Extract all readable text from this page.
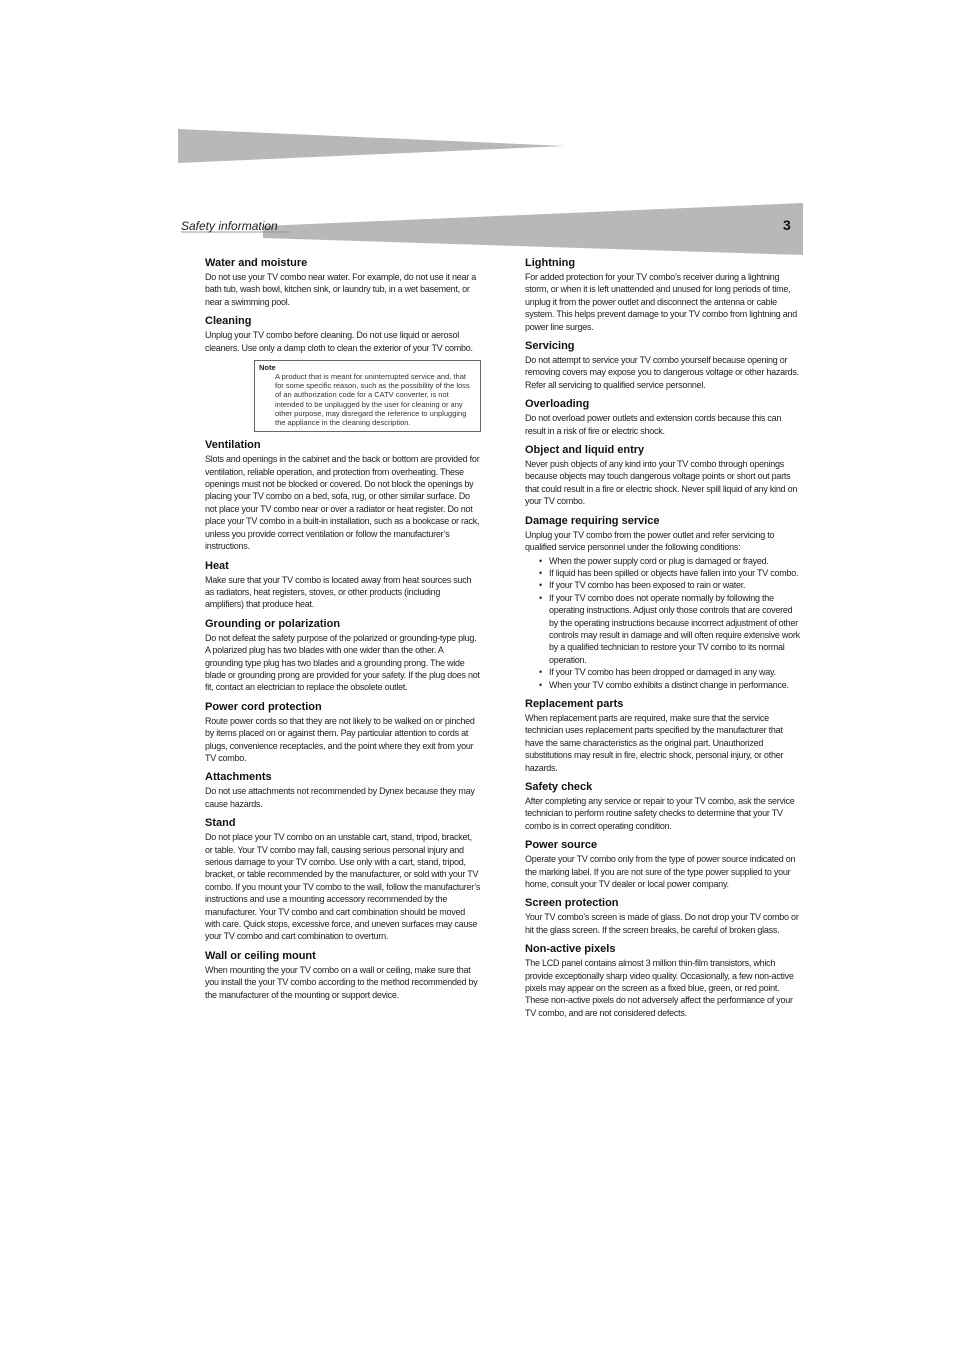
Safety information	3
Water and moisture

Do not use your TV combo near water. For example, do not use it near a bath tub, wash bowl, kitchen sink, or laundry tub, in a wet basement, or near a swimming pool.

Cleaning

Unplug your TV combo before cleaning. Do not use liquid or aerosol cleaners. Use only a damp cloth to clean the exterior of your TV combo.

Note
A product that is meant for uninterrupted service and, that for some specific reason, such as the possibility of the loss of an authorization code for a CATV converter, is not intended to be unplugged by the user for cleaning or any other purpose, may disregard the reference to unplugging the appliance in the cleaning description.
Ventilation

Slots and openings in the cabinet and the back or bottom are provided for ventilation, reliable operation, and protection from overheating. These openings must not be blocked or covered. Do not block the openings by placing your TV combo on a bed, sofa, rug, or other similar surface. Do not place your TV combo near or over a radiator or heat register. Do not place your TV combo in a built-in installation, such as a bookcase or rack, unless you provide correct ventilation or follow the manufacturer’s instructions.

Heat

Make sure that your TV combo is located away from heat sources such as radiators, heat registers, stoves, or other products (including amplifiers) that produce heat.

Grounding or polarization

Do not defeat the safety purpose of the polarized or grounding-type plug. A polarized plug has two blades with one wider than the other. A grounding type plug has two blades and a grounding prong. The wide blade or grounding prong are provided for your safety. If the plug does not fit, contact an electrician to replace the obsolete outlet.

Power cord protection

Route power cords so that they are not likely to be walked on or pinched by items placed on or against them. Pay particular attention to cords at plugs, convenience receptacles, and the point where they exit from your TV combo.

Attachments

Do not use attachments not recommended by Dynex because they may cause hazards.

Stand

Do not place your TV combo on an unstable cart, stand, tripod, bracket, or table. Your TV combo may fall, causing serious personal injury and serious damage to your TV combo. Use only with a cart, stand, tripod, bracket, or table recommended by the manufacturer, or sold with your TV combo. If you mount your TV combo to the wall, follow the manufacturer’s instructions and use a mounting accessory recommended by the manufacturer. Your TV combo and cart combination should be moved with care. Quick stops, excessive force, and uneven surfaces may cause your TV combo and cart combination to overturn.

Wall or ceiling mount

When mounting the your TV combo on a wall or ceiling, make sure that you install the your TV combo according to the method recommended by the manufacturer of the mounting or support device.

Lightning

For added protection for your TV combo’s receiver during a lightning storm, or when it is left unattended and unused for long periods of time, unplug it from the power outlet and disconnect the antenna or cable system. This helps prevent damage to your TV combo from lightning and power line surges.

Servicing

Do not attempt to service your TV combo yourself because opening or removing covers may expose you to dangerous voltage or other hazards. Refer all servicing to qualified service personnel.

Overloading

Do not overload power outlets and extension cords because this can result in a risk of fire or electric shock.

Object and liquid entry

Never push objects of any kind into your TV combo through openings because objects may touch dangerous voltage points or short out parts that could result in a fire or electric shock. Never spill liquid of any kind on your TV combo.

Damage requiring service

Unplug your TV combo from the power outlet and refer servicing to qualified service personnel under the following conditions:

• When the power supply cord or plug is damaged or frayed.
• If liquid has been spilled or objects have fallen into your TV combo.
• If your TV combo has been exposed to rain or water.
• If your TV combo does not operate normally by following the operating instructions. Adjust only those controls that are covered by the operating instructions because incorrect adjustment of other controls may result in damage and will often require extensive work by a qualified technician to restore your TV combo to its normal operation.
• If your TV combo has been dropped or damaged in any way.
• When your TV combo exhibits a distinct change in performance.
Replacement parts

When replacement parts are required, make sure that the service technician uses replacement parts specified by the manufacturer that have the same characteristics as the original part. Unauthorized substitutions may result in fire, electric shock, personal injury, or other hazards.

Safety check

After completing any service or repair to your TV combo, ask the service technician to perform routine safety checks to determine that your TV combo is in correct operating condition.

Power source

Operate your TV combo only from the type of power source indicated on the marking label. If you are not sure of the type power supplied to your home, consult your TV dealer or local power company.

Screen protection

Your TV combo’s screen is made of glass. Do not drop your TV combo or hit the glass screen. If the screen breaks, be careful of broken glass.

Non-active pixels

The LCD panel contains almost 3 million thin-film transistors, which provide exceptionally sharp video quality. Occasionally, a few non-active pixels may appear on the screen as a fixed blue, green, or red point. These non-active pixels do not adversely affect the performance of your TV combo, and are not considered defects.
